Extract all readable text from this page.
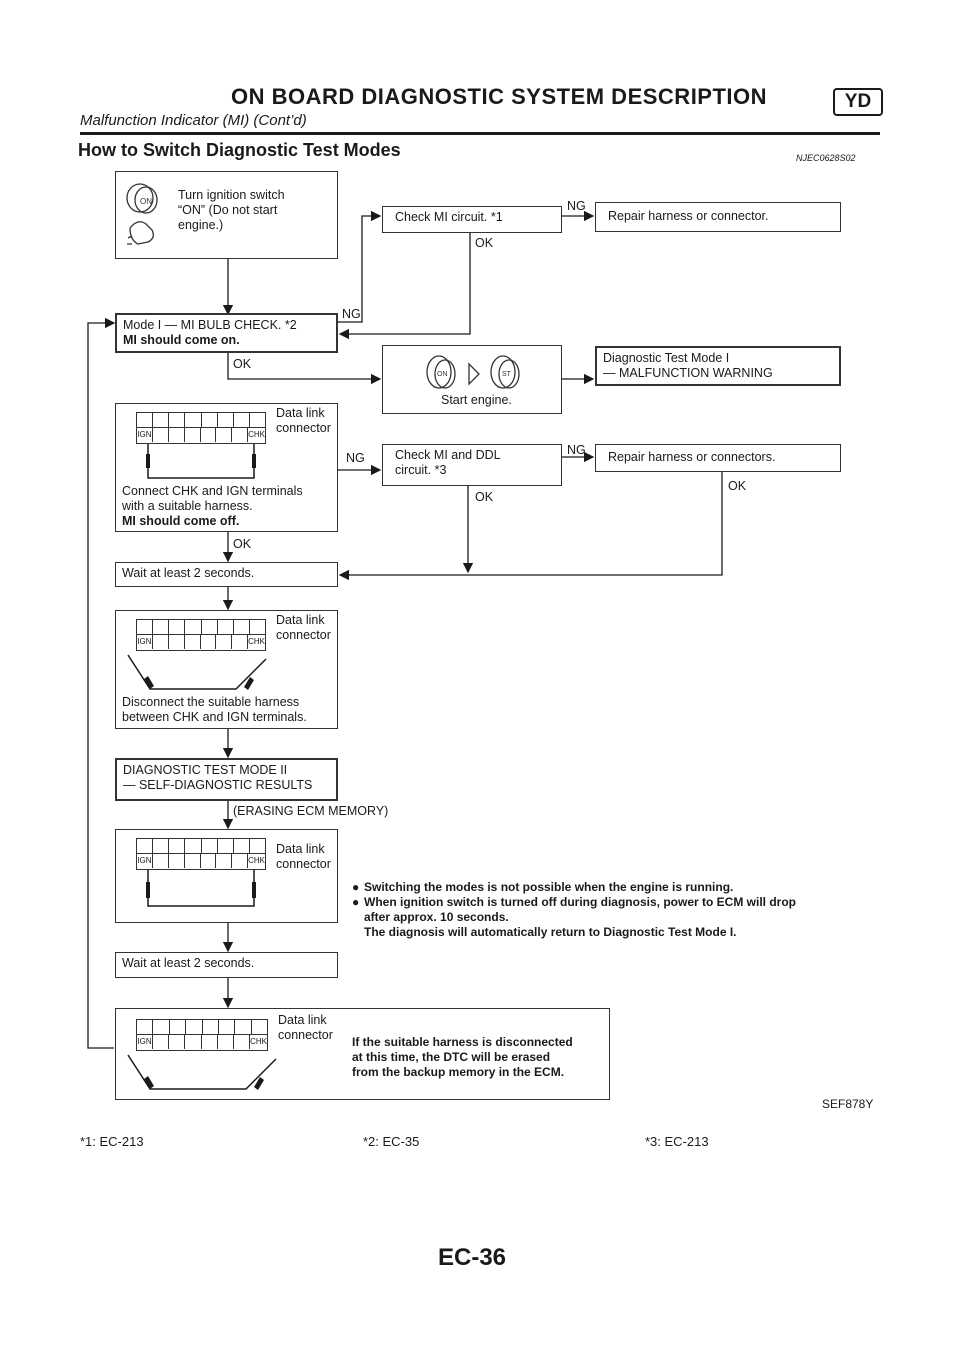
ON BOARD DIAGNOSTIC SYSTEM DESCRIPTION	YD
Malfunction Indicator (MI) (Cont’d)
How to Switch Diagnostic Test Modes	NJEC0628S02
ON Turn ignition switch
“ON” (Do not start
engine.)
Check MI circuit. *1
NG
OK
NG
Repair harness or connector.
Mode I — MI BULB CHECK. *2
MI should come on.
OK
ON	ST
Start engine.
Diagnostic Test Mode I
— MALFUNCTION WARNING
IGN	CHK
Data link
connector
Connect CHK and IGN terminals
with a suitable harness.
MI should come off.
NG
OK
Check MI and DDL
circuit. *3
NG
OK
Repair harness or connectors.
OK
Wait at least 2 seconds.
IGN	CHK
Data link
connector
Disconnect the suitable harness
between CHK and IGN terminals.
DIAGNOSTIC TEST MODE II
— SELF-DIAGNOSTIC RESULTS
(ERASING ECM MEMORY)
IGN	CHK
Data link
connector
● Switching the modes is not possible when the engine is running.
● When ignition switch is turned off during diagnosis, power to ECM will drop
after approx. 10 seconds.
The diagnosis will automatically return to Diagnostic Test Mode I.
Wait at least 2 seconds.
IGN	CHK
Data link
connector If the suitable harness is disconnected
at this time, the DTC will be erased
from the backup memory in the ECM.
SEF878Y
*1: EC-213	*2: EC-35	*3: EC-213
EC-36
